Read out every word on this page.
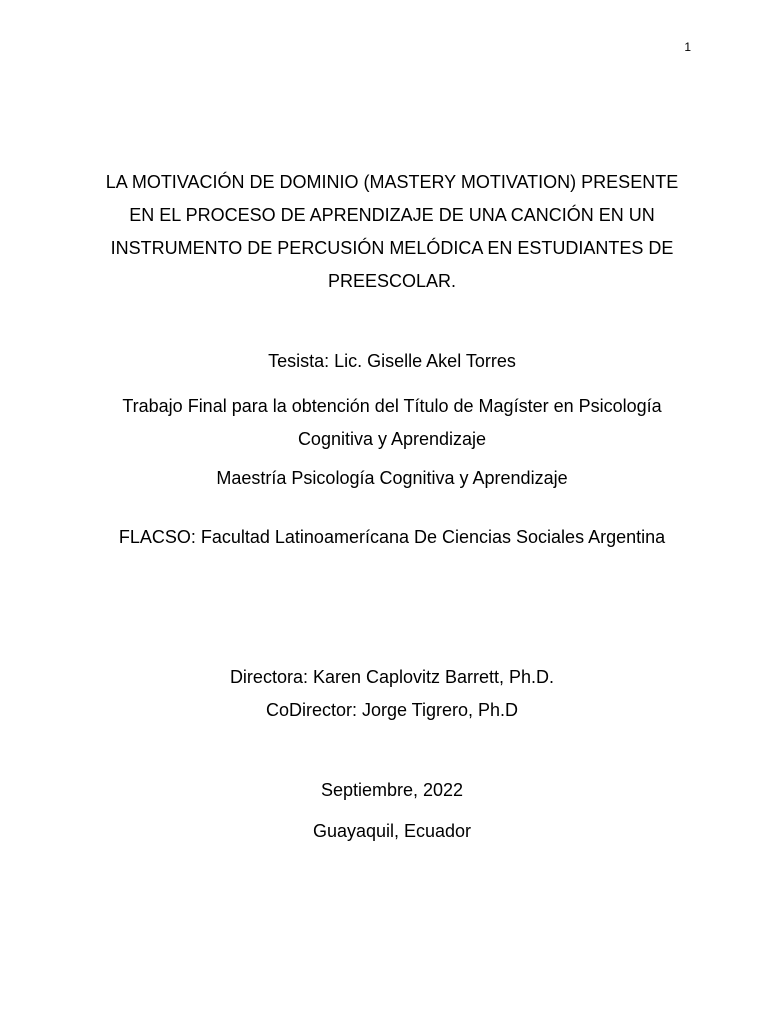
1
LA MOTIVACIÓN DE DOMINIO (MASTERY MOTIVATION) PRESENTE
EN EL PROCESO DE APRENDIZAJE DE UNA CANCIÓN EN UN
INSTRUMENTO DE PERCUSIÓN MELÓDICA EN ESTUDIANTES DE
PREESCOLAR.

Tesista: Lic. Giselle Akel Torres

Trabajo Final para la obtención del Título de Magíster en Psicología
Cognitiva y Aprendizaje

Maestría Psicología Cognitiva y Aprendizaje

FLACSO: Facultad Latinoamerícana De Ciencias Sociales Argentina

Directora: Karen Caplovitz Barrett, Ph.D.

CoDirector: Jorge Tigrero, Ph.D

Septiembre, 2022

Guayaquil, Ecuador
